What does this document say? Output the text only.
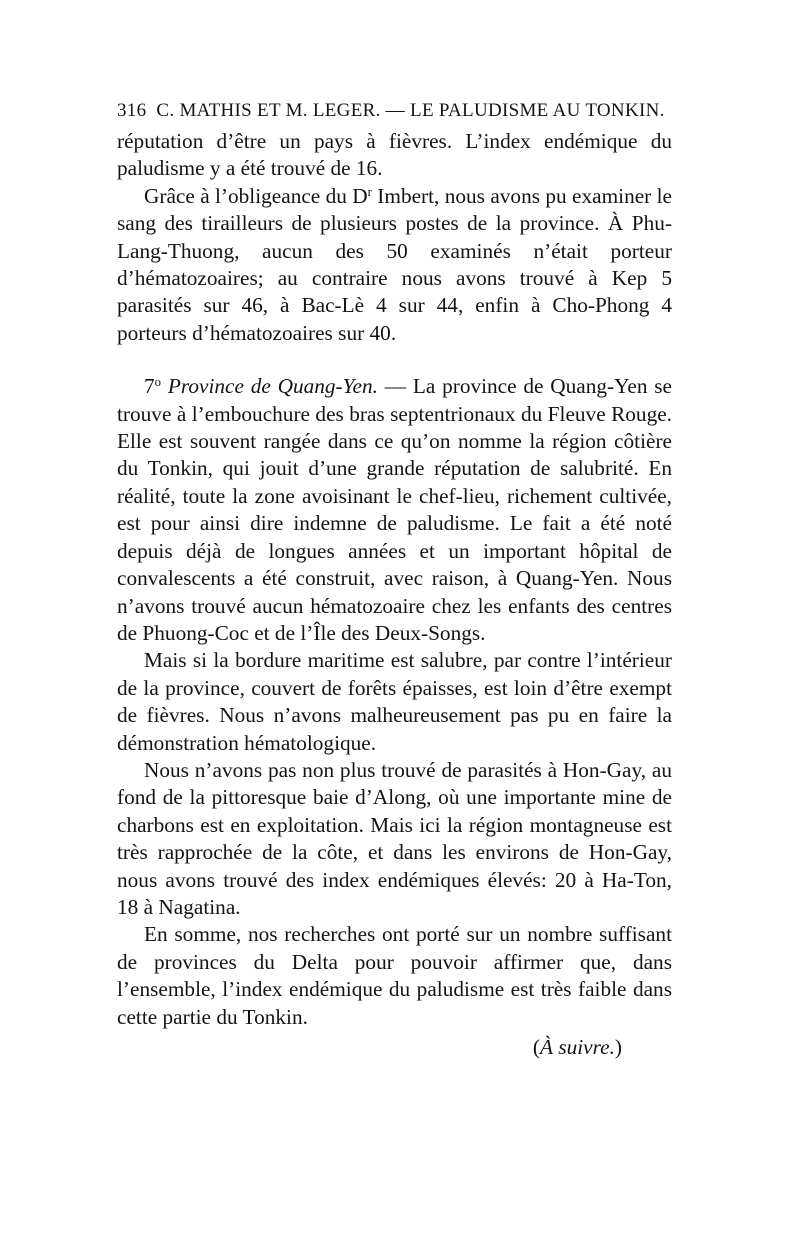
316 C. MATHIS ET M. LEGER. — LE PALUDISME AU TONKIN.

réputation d’être un pays à fièvres. L’index endémique du paludisme y a été trouvé de 16.

Grâce à l’obligeance du $D^r$ Imbert, nous avons pu examiner le sang des tirailleurs de plusieurs postes de la province. À Phu-Lang-Thuong, aucun des 50 examinés n’était porteur d’hématozoaires; au contraire nous avons trouvé à Kep 5 parasités sur 46, à Bac-Lè 4 sur 44, enfin à Cho-Phong 4 porteurs d’hématozoaires sur 40.

7$^o$ Province de Quang-Yen. — La province de Quang-Yen se trouve à l’embouchure des bras septentrionaux du Fleuve Rouge. Elle est souvent rangée dans ce qu’on nomme la région côtière du Tonkin, qui jouit d’une grande réputation de salubrité. En réalité, toute la zone avoisinant le chef-lieu, richement cultivée, est pour ainsi dire indemne de paludisme. Le fait a été noté depuis déjà de longues années et un important hôpital de convalescents a été construit, avec raison, à Quang-Yen. Nous n’avons trouvé aucun hématozoaire chez les enfants des centres de Phuong-Coc et de l’Île des Deux-Songs.

Mais si la bordure maritime est salubre, par contre l’intérieur de la province, couvert de forêts épaisses, est loin d’être exempt de fièvres. Nous n’avons malheureusement pas pu en faire la démonstration hématologique.

Nous n’avons pas non plus trouvé de parasités à Hon-Gay, au fond de la pittoresque baie d’Along, où une importante mine de charbons est en exploitation. Mais ici la région montagneuse est très rapprochée de la côte, et dans les environs de Hon-Gay, nous avons trouvé des index endémiques élevés: 20 à Ha-Ton, 18 à Nagatina.

En somme, nos recherches ont porté sur un nombre suffisant de provinces du Delta pour pouvoir affirmer que, dans l’ensemble, l’index endémique du paludisme est très faible dans cette partie du Tonkin.

(À suivre.)
